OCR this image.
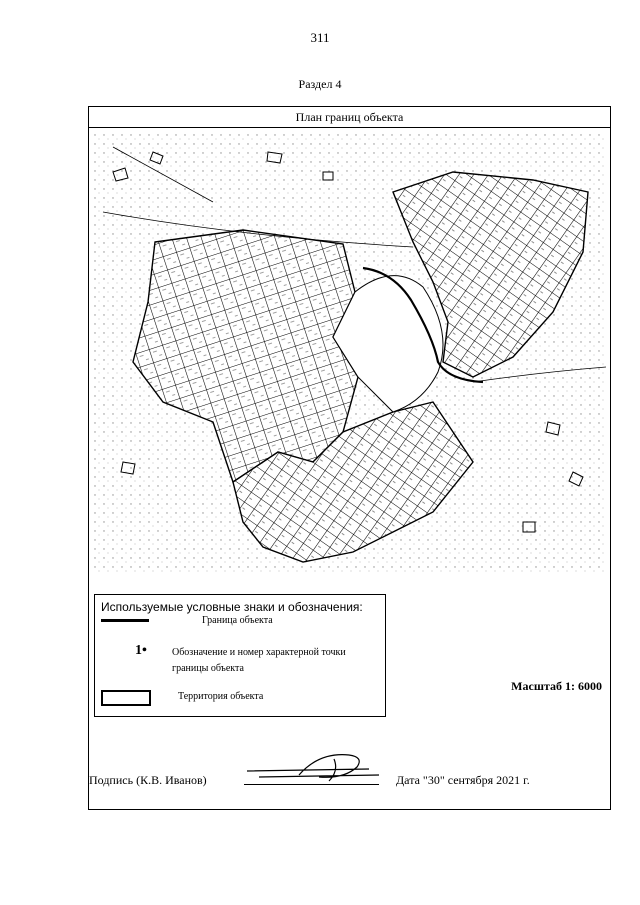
311
Раздел 4
План границ объекта
Масштаб 1: 6000
Используемые условные знаки и обозначения:
Граница объекта
1•	Обозначение и номер характерной точки
границы объекта
Территория объекта
Подпись (К.В. Иванов)	Дата "30" сентября 2021 г.
